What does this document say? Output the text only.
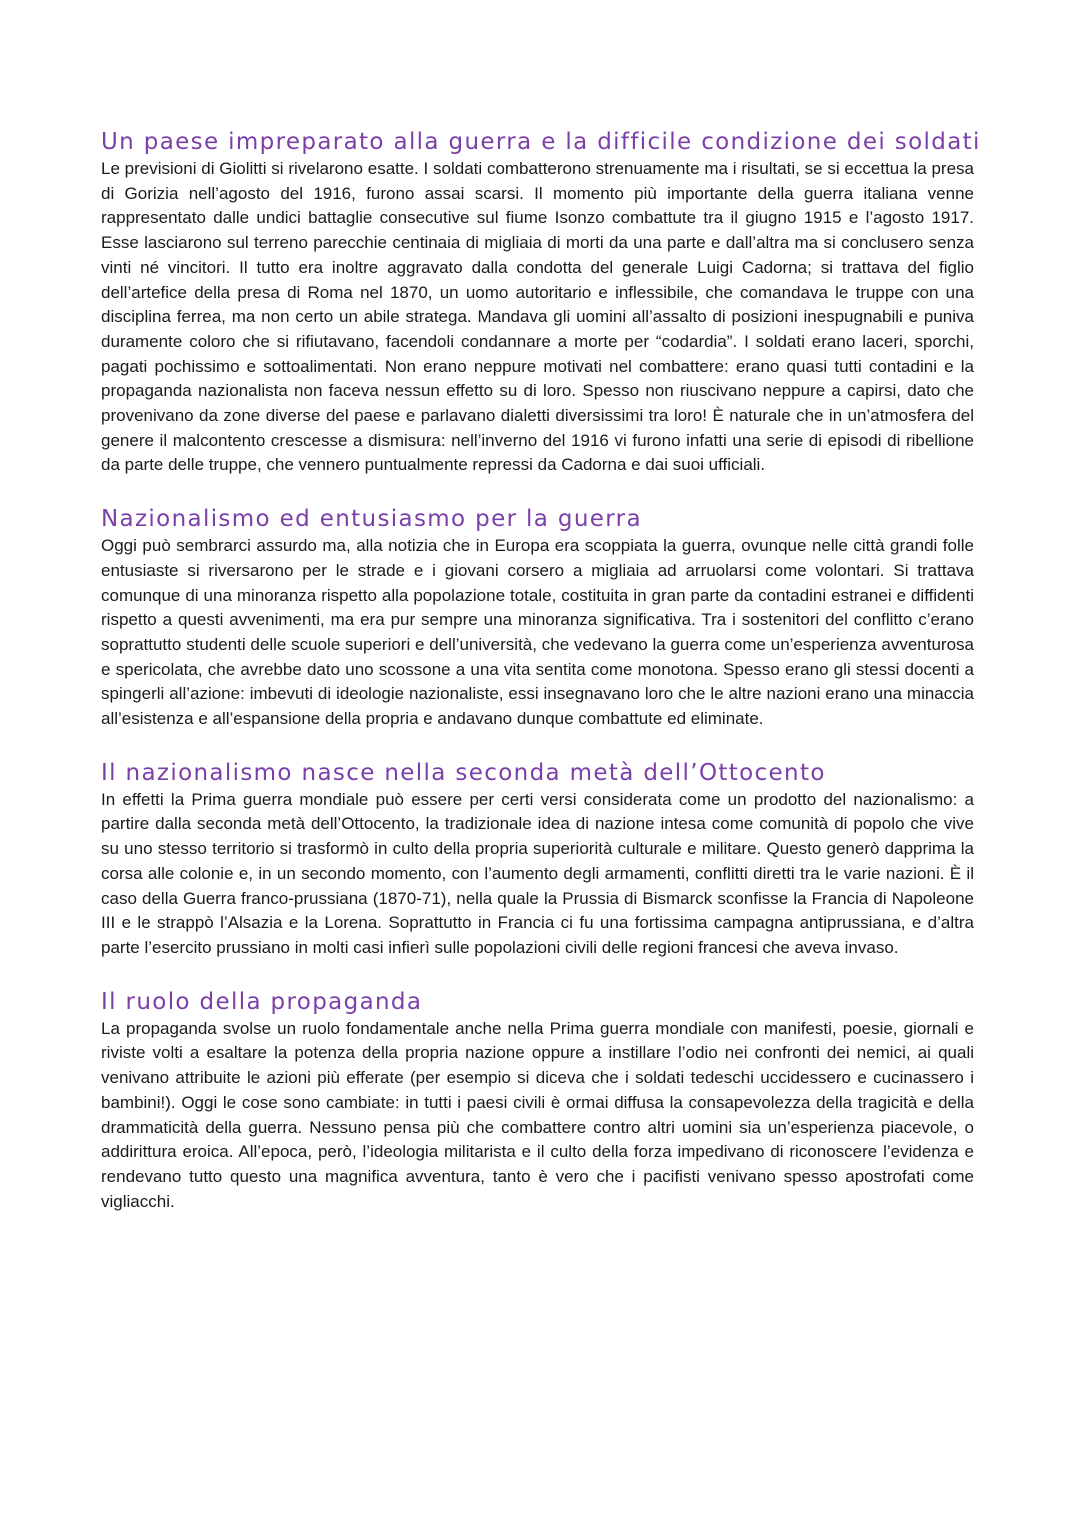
Un paese impreparato alla guerra e la difficile condizione dei soldati

Le previsioni di Giolitti si rivelarono esatte. I soldati combatterono strenuamente ma i risultati, se si eccettua la presa di Gorizia nell’agosto del 1916, furono assai scarsi. Il momento più importante della guerra italiana venne rappresentato dalle undici battaglie consecutive sul fiume Isonzo combattute tra il giugno 1915 e l’agosto 1917. Esse lasciarono sul terreno parecchie centinaia di migliaia di morti da una parte e dall’altra ma si conclusero senza vinti né vincitori. Il tutto era inoltre aggravato dalla condotta del generale Luigi Cadorna; si trattava del figlio dell’artefice della presa di Roma nel 1870, un uomo autoritario e inflessibile, che comandava le truppe con una disciplina ferrea, ma non certo un abile stratega. Mandava gli uomini all’assalto di posizioni inespugnabili e puniva duramente coloro che si rifiutavano, facendoli condannare a morte per “codardia”. I soldati erano laceri, sporchi, pagati pochissimo e sottoalimentati. Non erano neppure motivati nel combattere: erano quasi tutti contadini e la propaganda nazionalista non faceva nessun effetto su di loro. Spesso non riuscivano neppure a capirsi, dato che provenivano da zone diverse del paese e parlavano dialetti diversissimi tra loro! È naturale che in un’atmosfera del genere il malcontento crescesse a dismisura: nell’inverno del 1916 vi furono infatti una serie di episodi di ribellione da parte delle truppe, che vennero puntualmente repressi da Cadorna e dai suoi ufficiali.

Nazionalismo ed entusiasmo per la guerra

Oggi può sembrarci assurdo ma, alla notizia che in Europa era scoppiata la guerra, ovunque nelle città grandi folle entusiaste si riversarono per le strade e i giovani corsero a migliaia ad arruolarsi come volontari. Si trattava comunque di una minoranza rispetto alla popolazione totale, costituita in gran parte da contadini estranei e diffidenti rispetto a questi avvenimenti, ma era pur sempre una minoranza significativa. Tra i sostenitori del conflitto c’erano soprattutto studenti delle scuole superiori e dell’università, che vedevano la guerra come un’esperienza avventurosa e spericolata, che avrebbe dato uno scossone a una vita sentita come monotona. Spesso erano gli stessi docenti a spingerli all’azione: imbevuti di ideologie nazionaliste, essi insegnavano loro che le altre nazioni erano una minaccia all’esistenza e all’espansione della propria e andavano dunque combattute ed eliminate.

Il nazionalismo nasce nella seconda metà dell’Ottocento

In effetti la Prima guerra mondiale può essere per certi versi considerata come un prodotto del nazionalismo: a partire dalla seconda metà dell’Ottocento, la tradizionale idea di nazione intesa come comunità di popolo che vive su uno stesso territorio si trasformò in culto della propria superiorità culturale e militare. Questo generò dapprima la corsa alle colonie e, in un secondo momento, con l’aumento degli armamenti, conflitti diretti tra le varie nazioni. È il caso della Guerra franco-prussiana (1870-71), nella quale la Prussia di Bismarck sconfisse la Francia di Napoleone III e le strappò l’Alsazia e la Lorena. Soprattutto in Francia ci fu una fortissima campagna antiprussiana, e d’altra parte l’esercito prussiano in molti casi infierì sulle popolazioni civili delle regioni francesi che aveva invaso.

Il ruolo della propaganda

La propaganda svolse un ruolo fondamentale anche nella Prima guerra mondiale con manifesti, poesie, giornali e riviste volti a esaltare la potenza della propria nazione oppure a instillare l’odio nei confronti dei nemici, ai quali venivano attribuite le azioni più efferate (per esempio si diceva che i soldati tedeschi uccidessero e cucinassero i bambini!). Oggi le cose sono cambiate: in tutti i paesi civili è ormai diffusa la consapevolezza della tragicità e della drammaticità della guerra. Nessuno pensa più che combattere contro altri uomini sia un’esperienza piacevole, o addirittura eroica. All’epoca, però, l’ideologia militarista e il culto della forza impedivano di riconoscere l’evidenza e rendevano tutto questo una magnifica avventura, tanto è vero che i pacifisti venivano spesso apostrofati come vigliacchi.
